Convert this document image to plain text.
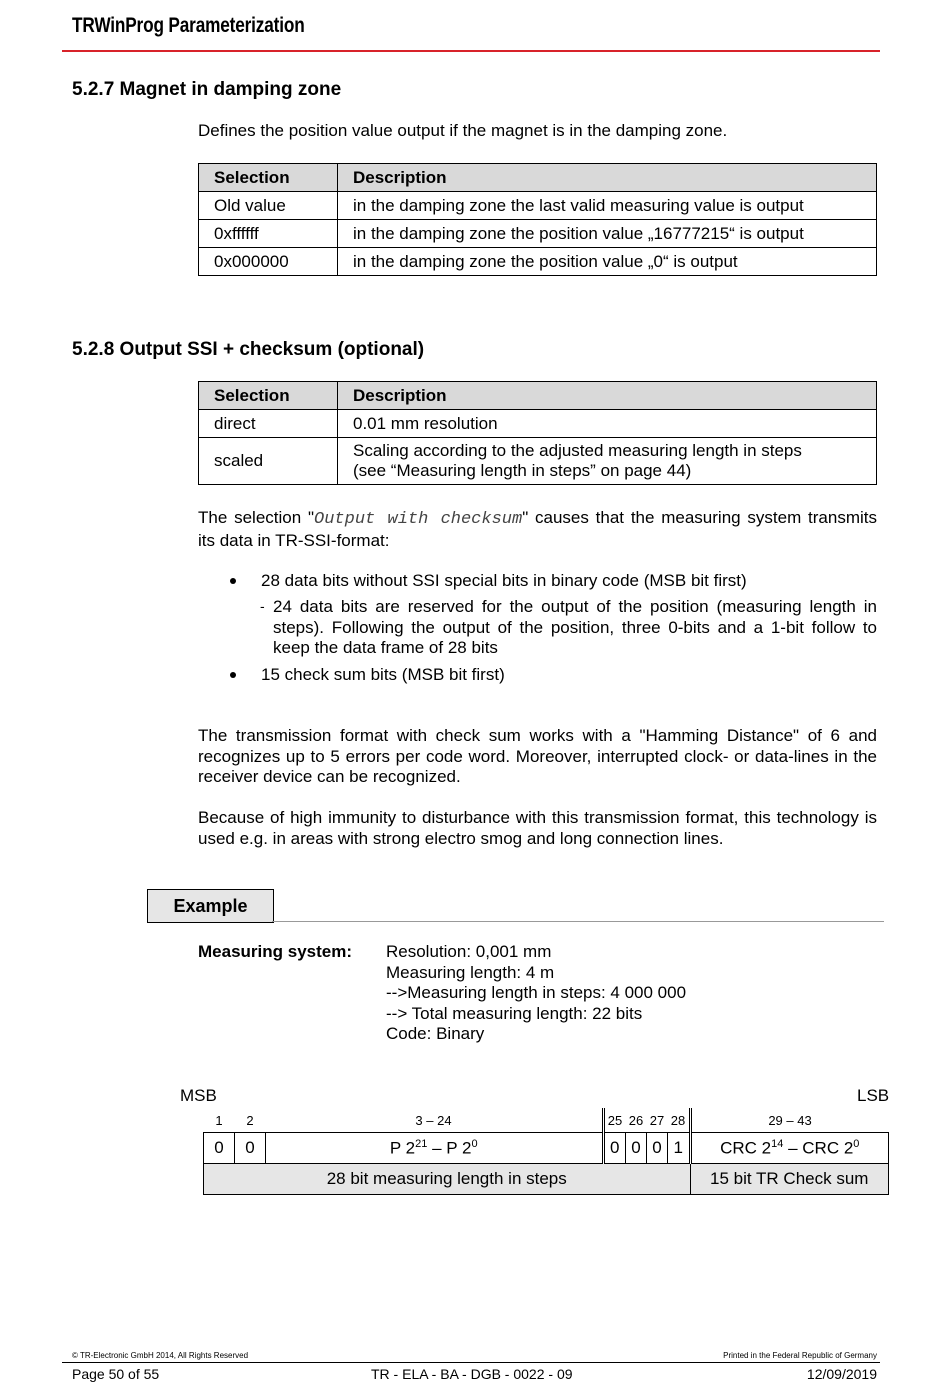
TRWinProg Parameterization
5.2.7 Magnet in damping zone
Defines the position value output if the magnet is in the damping zone.
Selection	Description
Old value	in the damping zone the last valid measuring value is output
0xffffff	in the damping zone the position value „16777215“ is output
0x000000	in the damping zone the position value „0“ is output
5.2.8 Output SSI + checksum (optional)
Selection	Description
direct	0.01 mm resolution
scaled	Scaling according to the adjusted measuring length in steps
(see “Measuring length in steps” on page 44)
The selection "Output with checksum" causes that the measuring system transmits its data in TR-SSI-format:
28 data bits without SSI special bits in binary code (MSB bit first)
- 24 data bits are reserved for the output of the position (measuring length in steps). Following the output of the position, three 0-bits and a 1-bit follow to keep the data frame of 28 bits
15 check sum bits (MSB bit first)
The transmission format with check sum works with a "Hamming Distance" of 6 and recognizes up to 5 errors per code word. Moreover, interrupted clock- or data-lines in the receiver device can be recognized.
Because of high immunity to disturbance with this transmission format, this technology is used e.g. in areas with strong electro smog and long connection lines.
Example
Measuring system: Resolution: 0,001 mm
Measuring length: 4 m
-->Measuring length in steps: 4 000 000
--> Total measuring length: 22 bits
Code: Binary
MSB	LSB
1	2	3 – 24	25	26	27	28	29 – 43
0	0	P $2^{21}$ – P $2^0$	0	0	0	1	CRC $2^{14}$ – CRC $2^0$
28 bit measuring length in steps							15 bit TR Check sum
© TR-Electronic GmbH 2014, All Rights Reserved	Printed in the Federal Republic of Germany
Page 50 of 55	TR - ELA - BA - DGB - 0022 - 09	12/09/2019
